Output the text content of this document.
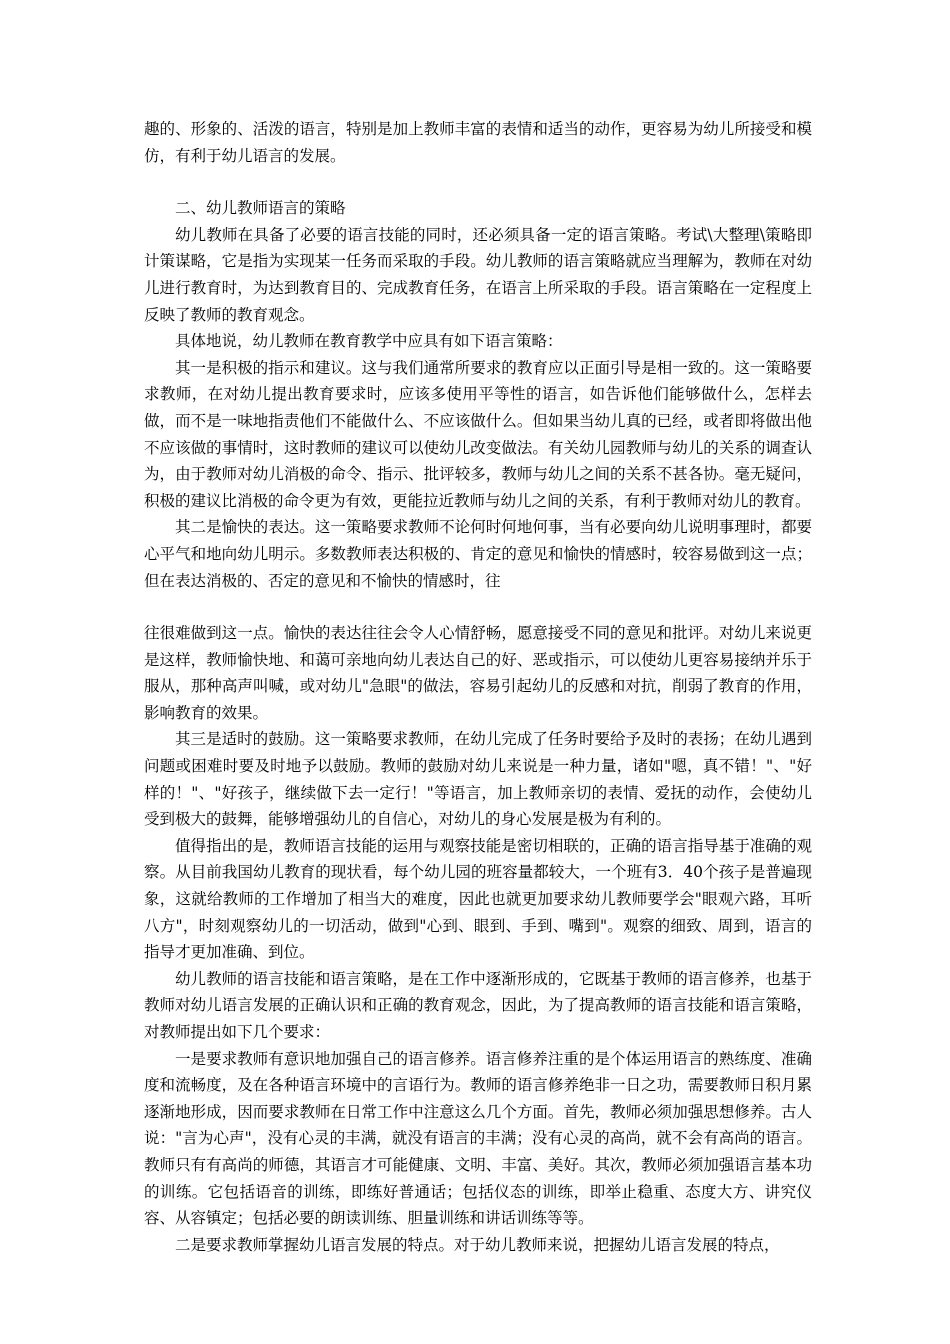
趣的、形象的、活泼的语言，特别是加上教师丰富的表情和适当的动作，更容易为幼儿所接受和模仿，有利于幼儿语言的发展。

二、幼儿教师语言的策略

幼儿教师在具备了必要的语言技能的同时，还必须具备一定的语言策略。考试\大整理\策略即计策谋略，它是指为实现某一任务而采取的手段。幼儿教师的语言策略就应当理解为，教师在对幼儿进行教育时，为达到教育目的、完成教育任务，在语言上所采取的手段。语言策略在一定程度上反映了教师的教育观念。

具体地说，幼儿教师在教育教学中应具有如下语言策略：

其一是积极的指示和建议。这与我们通常所要求的教育应以正面引导是相一致的。这一策略要求教师，在对幼儿提出教育要求时，应该多使用平等性的语言，如告诉他们能够做什么，怎样去做，而不是一味地指责他们不能做什么、不应该做什么。但如果当幼儿真的已经，或者即将做出他不应该做的事情时，这时教师的建议可以使幼儿改变做法。有关幼儿园教师与幼儿的关系的调查认为，由于教师对幼儿消极的命令、指示、批评较多，教师与幼儿之间的关系不甚各协。毫无疑问，积极的建议比消极的命令更为有效，更能拉近教师与幼儿之间的关系，有利于教师对幼儿的教育。

其二是愉快的表达。这一策略要求教师不论何时何地何事，当有必要向幼儿说明事理时，都要心平气和地向幼儿明示。多数教师表达积极的、肯定的意见和愉快的情感时，较容易做到这一点；但在表达消极的、否定的意见和不愉快的情感时，往

往很难做到这一点。愉快的表达往往会令人心情舒畅，愿意接受不同的意见和批评。对幼儿来说更是这样，教师愉快地、和蔼可亲地向幼儿表达自己的好、恶或指示，可以使幼儿更容易接纳并乐于服从，那种高声叫喊，或对幼儿"急眼"的做法，容易引起幼儿的反感和对抗，削弱了教育的作用，影响教育的效果。

其三是适时的鼓励。这一策略要求教师，在幼儿完成了任务时要给予及时的表扬；在幼儿遇到问题或困难时要及时地予以鼓励。教师的鼓励对幼儿来说是一种力量，诸如"嗯，真不错！"、"好样的！"、"好孩子，继续做下去一定行！"等语言，加上教师亲切的表情、爱抚的动作，会使幼儿受到极大的鼓舞，能够增强幼儿的自信心，对幼儿的身心发展是极为有利的。

值得指出的是，教师语言技能的运用与观察技能是密切相联的，正确的语言指导基于准确的观察。从目前我国幼儿教育的现状看，每个幼儿园的班容量都较大，一个班有3．40个孩子是普遍现象，这就给教师的工作增加了相当大的难度，因此也就更加要求幼儿教师要学会"眼观六路，耳听八方"，时刻观察幼儿的一切活动，做到"心到、眼到、手到、嘴到"。观察的细致、周到，语言的指导才更加准确、到位。

幼儿教师的语言技能和语言策略，是在工作中逐渐形成的，它既基于教师的语言修养，也基于教师对幼儿语言发展的正确认识和正确的教育观念，因此，为了提高教师的语言技能和语言策略，对教师提出如下几个要求：

一是要求教师有意识地加强自己的语言修养。语言修养注重的是个体运用语言的熟练度、准确度和流畅度，及在各种语言环境中的言语行为。教师的语言修养绝非一日之功，需要教师日积月累逐渐地形成，因而要求教师在日常工作中注意这么几个方面。首先，教师必须加强思想修养。古人说："言为心声"，没有心灵的丰满，就没有语言的丰满；没有心灵的高尚，就不会有高尚的语言。教师只有有高尚的师德，其语言才可能健康、文明、丰富、美好。其次，教师必须加强语言基本功的训练。它包括语音的训练，即练好普通话；包括仪态的训练，即举止稳重、态度大方、讲究仪容、从容镇定；包括必要的朗读训练、胆量训练和讲话训练等等。

二是要求教师掌握幼儿语言发展的特点。对于幼儿教师来说，把握幼儿语言发展的特点，
